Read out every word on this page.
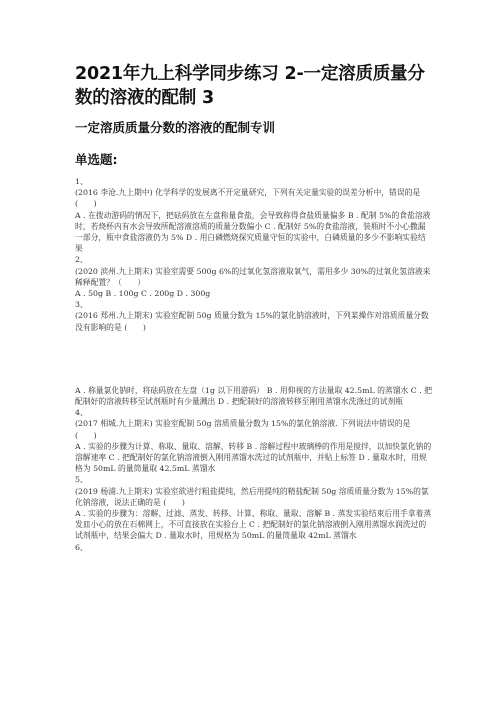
2021年九上科学同步练习 2-一定溶质质量分数的溶液的配制 3
一定溶质质量分数的溶液的配制专训
单选题:

1、

(2016 李沧.九上期中) 化学科学的发展离不开定量研究，下列有关定量实验的误差分析中，错误的是 (　　)

A . 在拨动游码的情况下，把砝码放在左盘称量食盐，会导致称得食盐质量偏多 B . 配制 5%的食盐溶液时，若烧杯内有水会导致所配溶液溶质的质量分数偏小 C . 配制好 5%的食盐溶液，装瓶时不小心撒漏一部分，瓶中食盐溶液仍为 5% D . 用白磷燃烧探究质量守恒的实验中，白磷质量的多少不影响实验结果

2、

(2020 滨州.九上期末) 实验室需要 500g 6%的过氧化氢溶液取氧气，需用多少 30%的过氧化氢溶液来稀释配置？（　　）

A . 50g B . 100g C . 200g D . 300g

3、

(2016 郑州.九上期末) 实验室配制 50g 质量分数为 15%的氯化钠溶液时，下列某操作对溶质质量分数没有影响的是 (　　)

A . 称量氯化钠时，将砝码放在左盘（1g 以下用游码） B . 用仰视的方法量取 42.5mL 的蒸馏水 C . 把配制好的溶液转移至试剂瓶时有少量溅出 D . 把配制好的溶液转移至刚用蒸馏水洗涤过的试剂瓶

4、

(2017 相城.九上期末) 实验室配制 50g 溶质质量分数为 15%的氯化钠溶液. 下列说法中错误的是 (　　)

A . 实验的步骤为计算、称取、量取、溶解、转移 B . 溶解过程中玻璃棒的作用是搅拌，以加快氯化钠的溶解速率 C . 把配制好的氯化钠溶液倒入刚用蒸馏水洗过的试剂瓶中，并贴上标签 D . 量取水时，用规格为 50mL 的量筒量取 42.5mL 蒸馏水

5、

(2019 杨浦.九上期末) 实验室欲进行粗盐提纯，然后用提纯的精盐配制 50g 溶质质量分数为 15%的氯化钠溶液，说法正确的是 (　　)

A . 实验的步骤为：溶解、过滤、蒸发、转移、计算、称取、量取、溶解 B . 蒸发实验结束后用手拿着蒸发皿小心的放在石棉网上，不可直接放在实验台上 C . 把配制好的氯化钠溶液倒入刚用蒸馏水润洗过的试剂瓶中，结果会偏大 D . 量取水时，用规格为 50mL 的量筒量取 42mL 蒸馏水

6、
